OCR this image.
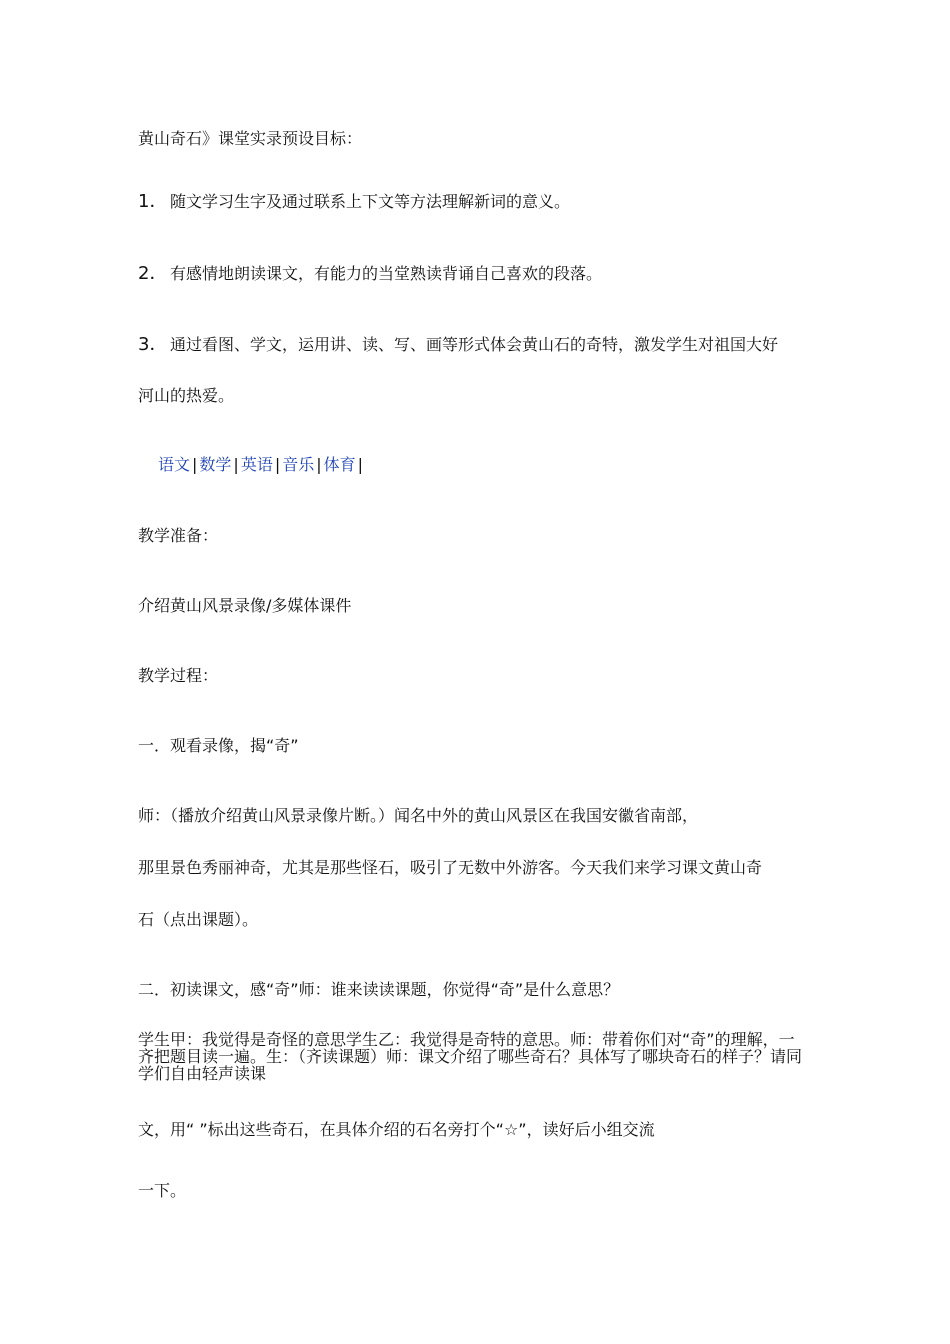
黄山奇石》课堂实录预设目标：
1． 随文学习生字及通过联系上下文等方法理解新词的意义。
2． 有感情地朗读课文，有能力的当堂熟读背诵自己喜欢的段落。
3． 通过看图、学文，运用讲、读、写、画等形式体会黄山石的奇特，激发学生对祖国大好
河山的热爱。
语文 | 数学 | 英语 | 音乐 | 体育 |
教学准备：
介绍黄山风景录像/多媒体课件
教学过程：
一．观看录像，揭“奇”
师：（播放介绍黄山风景录像片断。）闻名中外的黄山风景区在我国安徽省南部，
那里景色秀丽神奇，尤其是那些怪石，吸引了无数中外游客。今天我们来学习课文黄山奇
石（点出课题）。
二．初读课文，感“奇”师：谁来读读课题，你觉得“奇”是什么意思？
学生甲：我觉得是奇怪的意思学生乙：我觉得是奇特的意思。师：带着你们对“奇”的理解，一齐把题目读一遍。生：（齐读课题）师：课文介绍了哪些奇石？具体写了哪块奇石的样子？请同学们自由轻声读课
文，用“ ”标出这些奇石，在具体介绍的石名旁打个“☆”，读好后小组交流
一下。
